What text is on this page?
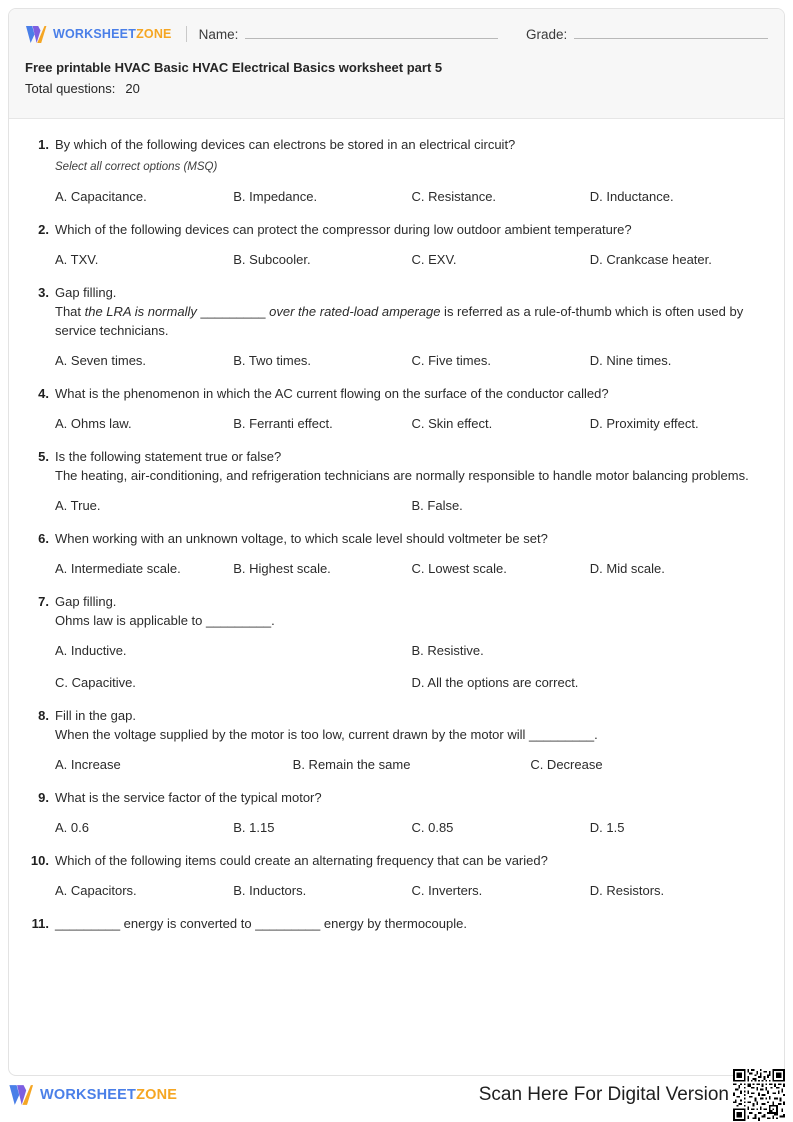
WORKSHEETZONE Name:	Grade:
Free printable HVAC Basic HVAC Electrical Basics worksheet part 5
Total questions: 20
1. By which of the following devices can electrons be stored in an electrical circuit?
Select all correct options (MSQ)
A. Capacitance.	B. Impedance.	C. Resistance.	D. Inductance.
2. Which of the following devices can protect the compressor during low outdoor ambient temperature?
A. TXV.	B. Subcooler.	C. EXV.	D. Crankcase heater.
3. Gap filling.
That the LRA is normally _________ over the rated-load amperage is referred as a rule-of-thumb which is often used by service technicians.
A. Seven times.	B. Two times.	C. Five times.	D. Nine times.
4. What is the phenomenon in which the AC current flowing on the surface of the conductor called?
A. Ohms law.	B. Ferranti effect.	C. Skin effect.	D. Proximity effect.
5. Is the following statement true or false?
The heating, air-conditioning, and refrigeration technicians are normally responsible to handle motor balancing problems.
A. True.	B. False.
6. When working with an unknown voltage, to which scale level should voltmeter be set?
A. Intermediate scale.	B. Highest scale.	C. Lowest scale.	D. Mid scale.
7. Gap filling.
Ohms law is applicable to _________.
A. Inductive.	B. Resistive.
C. Capacitive.	D. All the options are correct.
8. Fill in the gap.
When the voltage supplied by the motor is too low, current drawn by the motor will _________.
A. Increase	B. Remain the same	C. Decrease
9. What is the service factor of the typical motor?
A. 0.6	B. 1.15	C. 0.85	D. 1.5
10. Which of the following items could create an alternating frequency that can be varied?
A. Capacitors.	B. Inductors.	C. Inverters.	D. Resistors.
11. _________ energy is converted to _________ energy by thermocouple.
WORKSHEETZONE	Scan Here For Digital Version
